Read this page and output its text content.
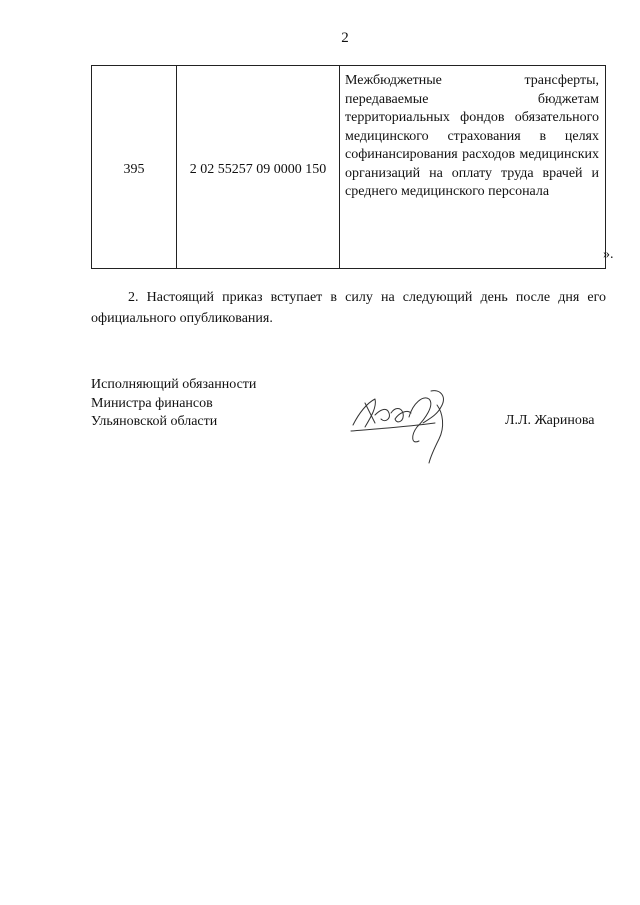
2
395	2 02 55257 09 0000 150
Межбюджетные трансферты, передаваемые бюджетам территориальных фондов обязательного медицинского страхования в целях софинансирования расходов медицинских организаций на оплату труда врачей и среднего медицинского персонала
».
2. Настоящий приказ вступает в силу на следующий день после дня его официального опубликования.
Исполняющий обязанности
Министра финансов
Ульяновской области	Л.Л. Жаринова
